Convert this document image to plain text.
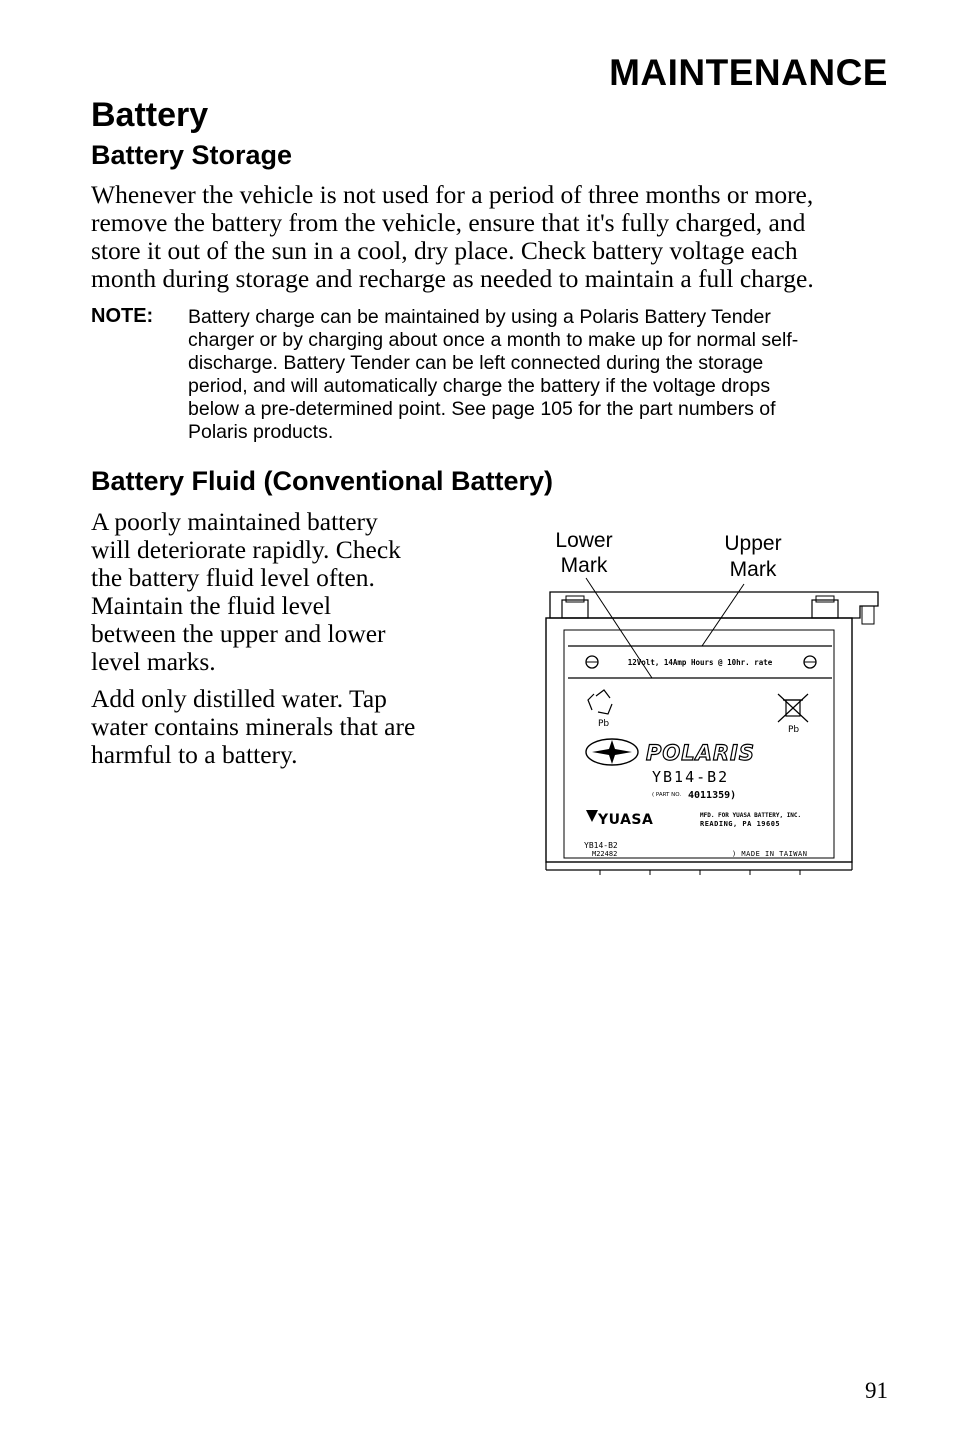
MAINTENANCE
Battery
Battery Storage
Whenever the vehicle is not used for a period of three months or more,
remove the battery from the vehicle, ensure that it's fully charged, and
store it out of the sun in a cool, dry place. Check battery voltage each
month during storage and recharge as needed to maintain a full charge.
NOTE: Battery charge can be maintained by using a Polaris Battery Tender
charger or by charging about once a month to make up for normal self-
discharge. Battery Tender can be left connected during the storage
period, and will automatically charge the battery if the voltage drops
below a pre-determined point. See page 105 for the part numbers of
Polaris products.
Battery Fluid (Conventional Battery)
A poorly maintained battery
will deteriorate rapidly. Check
the battery fluid level often.
Maintain the fluid level
between the upper and lower
level marks.
Add only distilled water. Tap
water contains minerals that are
harmful to a battery.
Lower
Mark
Upper
Mark
12Volt, 14Amp Hours @ 10hr. rate
Pb
Pb
POLARIS
YB14-B2
( PART NO. 4011359)
YUASA	MFD. FOR YUASA BATTERY, INC.
READING, PA 19605
YB14-B2
M22482	) MADE IN TAIWAN
91
